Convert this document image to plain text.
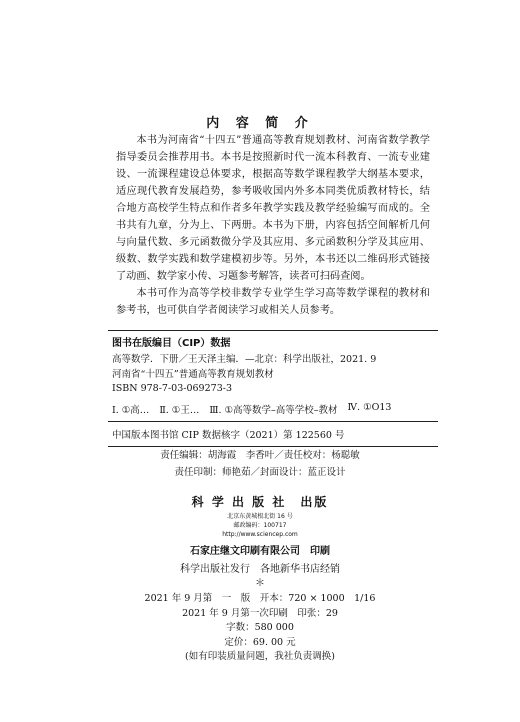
内 容 简 介

本书为河南省“十四五”普通高等教育规划教材、河南省数学教学指导委员会推荐用书。本书是按照新时代一流本科教育、一流专业建设、一流课程建设总体要求，根据高等数学课程教学大纲基本要求，适应现代教育发展趋势，参考吸收国内外多本同类优质教材特长，结合地方高校学生特点和作者多年教学实践及教学经验编写而成的。全书共有九章，分为上、下两册。本书为下册，内容包括空间解析几何与向量代数、多元函数微分学及其应用、多元函数积分学及其应用、级数、数学实践和数学建模初步等。另外，本书还以二维码形式链接了动画、数学家小传、习题参考解答，读者可扫码查阅。

本书可作为高等学校非数学专业学生学习高等数学课程的教材和参考书，也可供自学者阅读学习或相关人员参考。

图书在版编目（CIP）数据
高等数学．下册／王天泽主编．—北京：科学出版社，2021. 9
河南省“十四五”普通高等教育规划教材
ISBN 978-7-03-069273-3
Ⅰ. ①高… Ⅱ. ①王… Ⅲ. ①高等数学–高等学校–教材 Ⅳ. ①O13
中国版本图书馆 CIP 数据核字（2021）第 122560 号
责任编辑：胡海霞　李香叶／责任校对：杨聪敏
责任印制：师艳茹／封面设计：蓝正设计
科 学 出 版 社　出版
北京东黄城根北街 16 号
邮政编码：100717
http://www.sciencep.com
石家庄继文印刷有限公司　印刷
科学出版社发行　各地新华书店经销
＊
2021 年 9 月第　一　版　开本：720 × 1000　1/16
2021 年 9 月第一次印刷　印张：29
字数：580 000
定价：69. 00 元
(如有印装质量问题，我社负责调换)
